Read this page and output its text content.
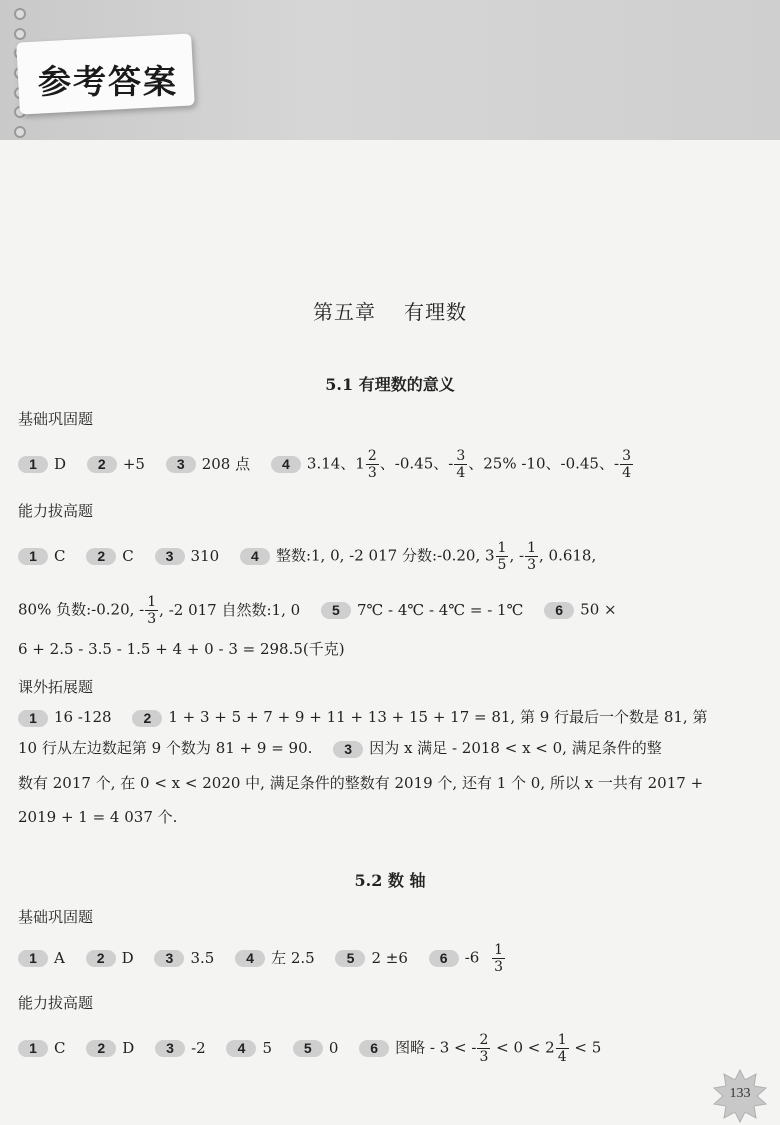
参考答案
第五章 有理数
5.1 有理数的意义
基础巩固题
1 D 2 +5 3 208 点 4 3.14、$1 \frac{2}{3}$ 、-0.45、- $\frac{3}{4}$ 、25% -10、-0.45、- $\frac{3}{4}$
能力拔高题
1 C 2 C 3 310 4 整数:1, 0, -2 017 分数:-0.20, $3 \frac{1}{5}$ , - $\frac{1}{3}$ , 0.618,
80% 负数:-0.20, - $\frac{1}{3}$ , -2 017 自然数:1, 0 5 7℃ - 4℃ - 4℃ = - 1℃ 6 50 ×
6 + 2.5 - 3.5 - 1.5 + 4 + 0 - 3 = 298.5(千克)
课外拓展题
1 16 -128 2 1 + 3 + 5 + 7 + 9 + 11 + 13 + 15 + 17 = 81, 第 9 行最后一个数是 81, 第
10 行从左边数起第 9 个数为 81 + 9 = 90. 3 因为 x 满足 - 2018 < x < 0, 满足条件的整
数有 2017 个, 在 0 < x < 2020 中, 满足条件的整数有 2019 个, 还有 1 个 0, 所以 x 一共有 2017 +
2019 + 1 = 4 037 个.
5.2 数 轴
基础巩固题
1 A 2 D 3 3.5 4 左 2.5 5 2 ±6 6 $-6 \frac{1}{3}$
能力拔高题
1 C 2 D 3 -2 4 5 5 0 6 图略 - 3 < - $\frac{2}{3} < 0 < 2 \frac{1}{4} < 5$
133
